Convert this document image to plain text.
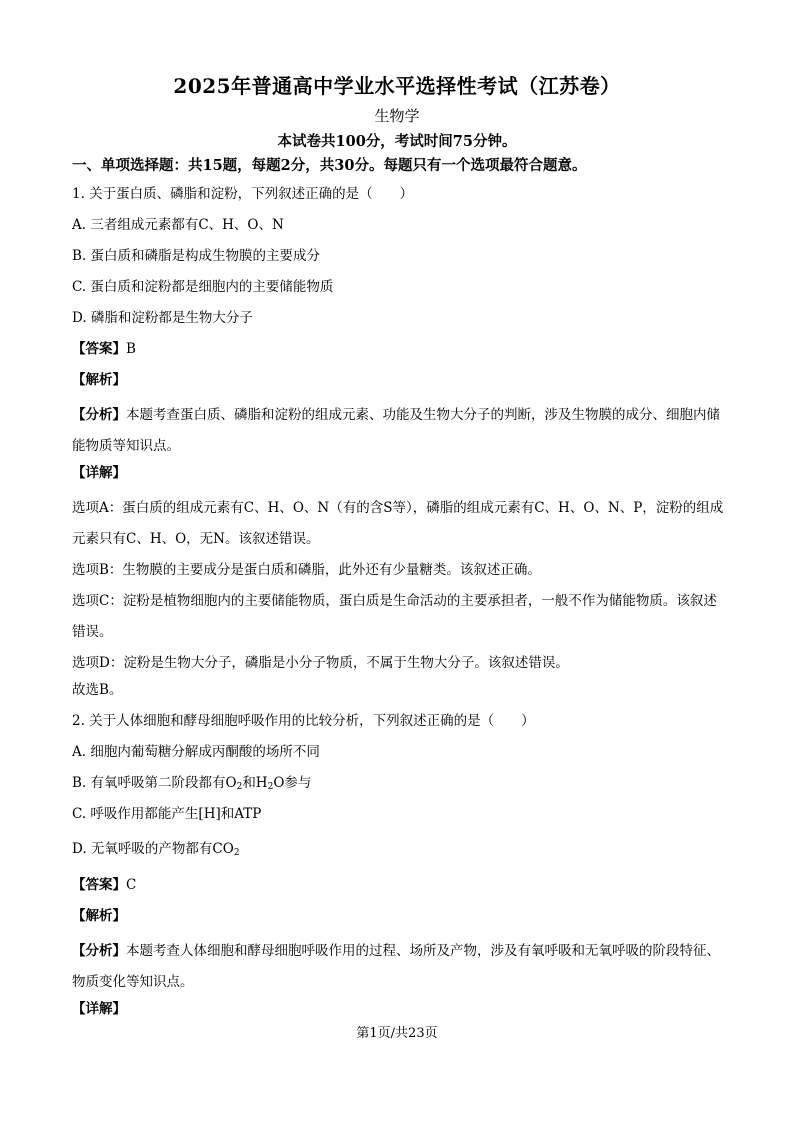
2025年普通高中学业水平选择性考试（江苏卷）
生物学
本试卷共100分，考试时间75分钟。
一、单项选择题：共15题，每题2分，共30分。每题只有一个选项最符合题意。
1. 关于蛋白质、磷脂和淀粉，下列叙述正确的是（　　）
A. 三者组成元素都有C、H、O、N
B. 蛋白质和磷脂是构成生物膜的主要成分
C. 蛋白质和淀粉都是细胞内的主要储能物质
D. 磷脂和淀粉都是生物大分子
【答案】B
【解析】
【分析】本题考查蛋白质、磷脂和淀粉的组成元素、功能及生物大分子的判断，涉及生物膜的成分、细胞内储能物质等知识点。
【详解】
选项A：蛋白质的组成元素有C、H、O、N（有的含S等），磷脂的组成元素有C、H、O、N、P，淀粉的组成元素只有C、H、O，无N。该叙述错误。
选项B：生物膜的主要成分是蛋白质和磷脂，此外还有少量糖类。该叙述正确。
选项C：淀粉是植物细胞内的主要储能物质，蛋白质是生命活动的主要承担者，一般不作为储能物质。该叙述错误。
选项D：淀粉是生物大分子，磷脂是小分子物质，不属于生物大分子。该叙述错误。
故选B。
2. 关于人体细胞和酵母细胞呼吸作用的比较分析，下列叙述正确的是（　　）
A. 细胞内葡萄糖分解成丙酮酸的场所不同
B. 有氧呼吸第二阶段都有$O_2$和$H_2O$参与
C. 呼吸作用都能产生[H]和ATP
D. 无氧呼吸的产物都有$CO_2$
【答案】C
【解析】
【分析】本题考查人体细胞和酵母细胞呼吸作用的过程、场所及产物，涉及有氧呼吸和无氧呼吸的阶段特征、物质变化等知识点。
【详解】
第1页/共23页
